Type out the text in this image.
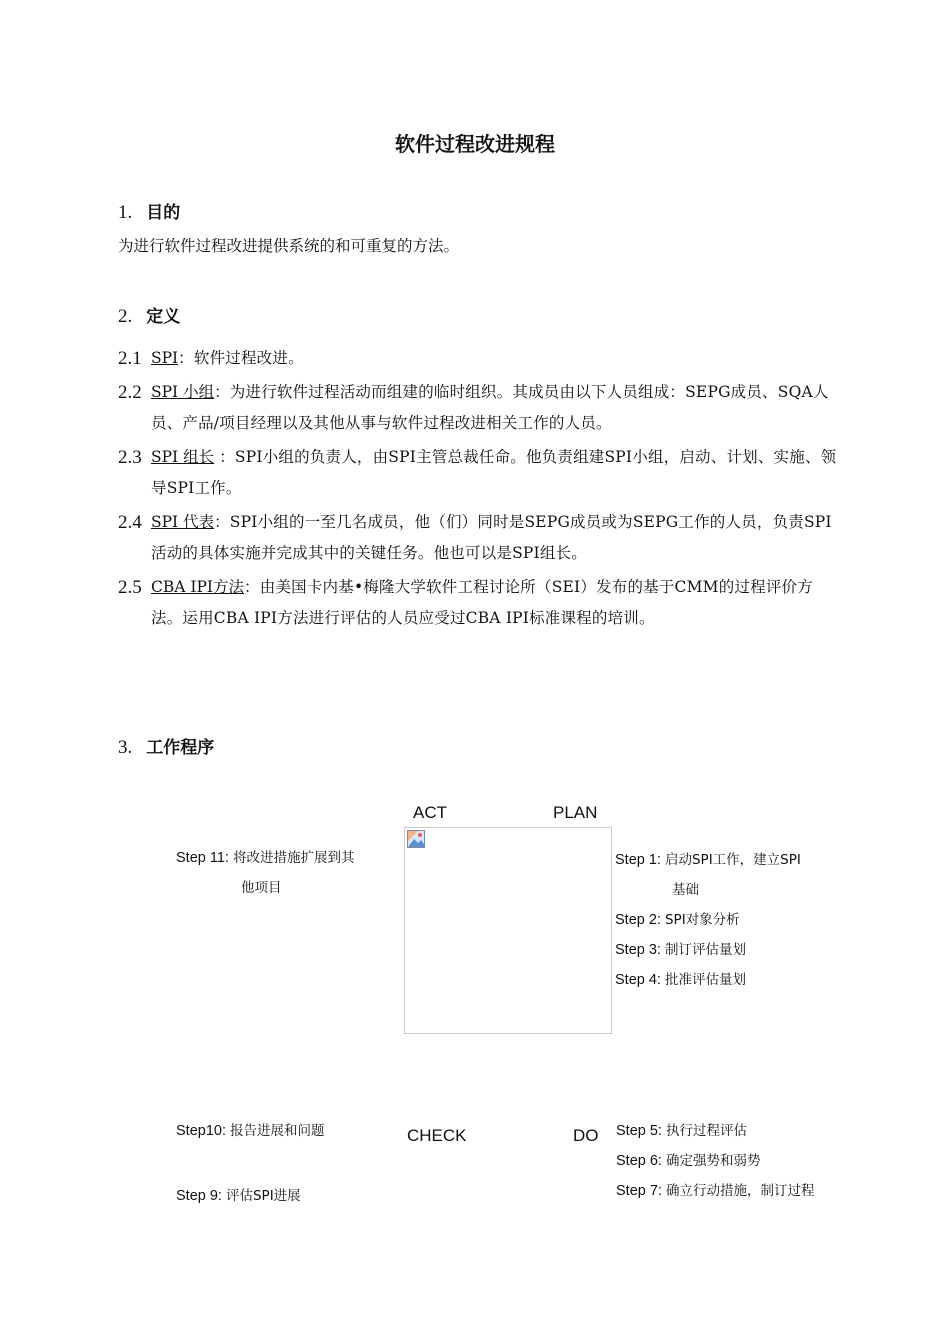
软件过程改进规程
1. 目的
为进行软件过程改进提供系统的和可重复的方法。
2. 定义
2.1 SPI：软件过程改进。
2.2 SPI 小组：为进行软件过程活动而组建的临时组织。其成员由以下人员组成：SEPG成员、SQA人员、产品/项目经理以及其他从事与软件过程改进相关工作的人员。
2.3 SPI 组长 ：SPI小组的负责人，由SPI主管总裁任命。他负责组建SPI小组，启动、计划、实施、领导SPI工作。
2.4 SPI 代表：SPI小组的一至几名成员，他（们）同时是SEPG成员或为SEPG工作的人员，负责SPI活动的具体实施并完成其中的关键任务。他也可以是SPI组长。
2.5 CBA IPI方法：由美国卡内基•梅隆大学软件工程讨论所（SEI）发布的基于CMM的过程评价方法。运用CBA IPI方法进行评估的人员应受过CBA IPI标准课程的培训。
3. 工作程序
ACT	PLAN
Step 11: 将改进措施扩展到其
他项目
Step 1: 启动SPI工作，建立SPI
基础
Step 2: SPI对象分析
Step 3: 制订评估量划
Step 4: 批准评估量划
Step10: 报告进展和问题
Step 9: 评估SPI进展
CHECK	DO Step 5: 执行过程评估
Step 6: 确定强势和弱势
Step 7: 确立行动措施，制订过程
